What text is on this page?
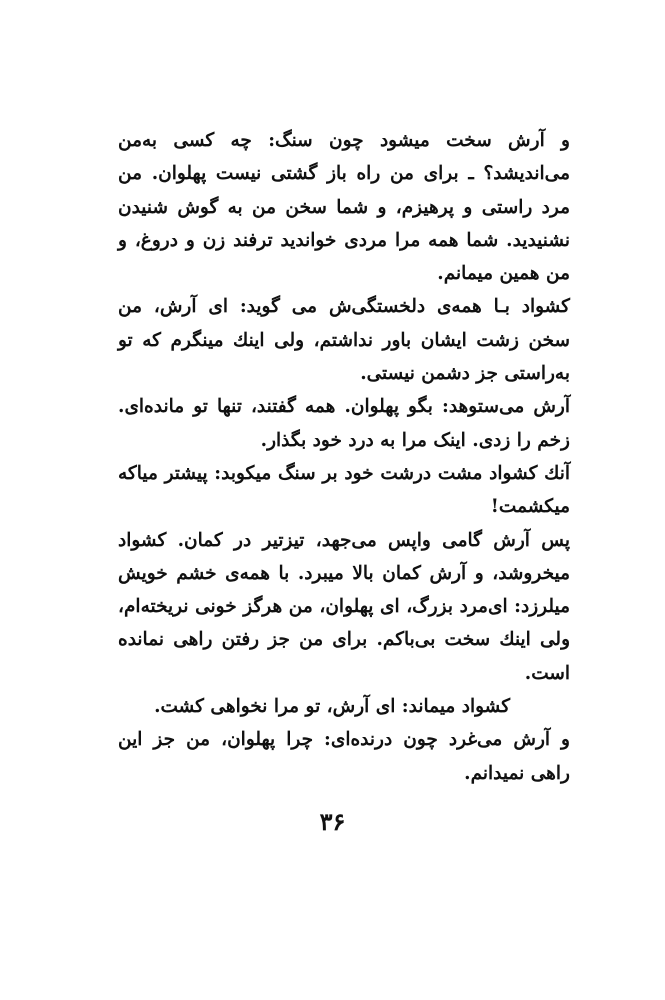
و آرش سخت میشود چون سنگ: چه کسی به‌من می‌اندیشد؟ ـ برای من راه باز گشتی نیست پهلوان. من مرد راستی و پرهیزم، و شما سخن من به گوش شنیدن نشنیدید. شما همه مرا مردی خواندید ترفند زن و دروغ، و من همین میمانم.

کشواد بـا همه‌ی دلخستگی‌ش می گوید: ای آرش، من سخن زشت ایشان باور نداشتم، ولی اینك مینگرم که تو به‌راستی جز دشمن نیستی.

آرش می‌ستوهد: بگو پهلوان. همه گفتند، تنها تو مانده‌ای. زخم را زدی. اینک مرا به درد خود بگذار.

آنك کشواد مشت درشت خود بر سنگ میکوبد: پیشتر میاکه میکشمت!

پس آرش گامی واپس می‌جهد، تیزتیر در کمان. کشواد میخروشد، و آرش کمان بالا میبرد. با همه‌ی خشم خویش میلرزد: ای‌مرد بزرگ، ای پهلوان، من هرگز خونی نریخته‌ام، ولی اینك سخت بی‌باکم. برای من جز رفتن راهی نمانده است.

کشواد میماند: ای آرش، تو مرا نخواهی کشت.

و آرش می‌غرد چون درنده‌ای: چرا پهلوان، من جز این راهی نمیدانم.

۳۶
